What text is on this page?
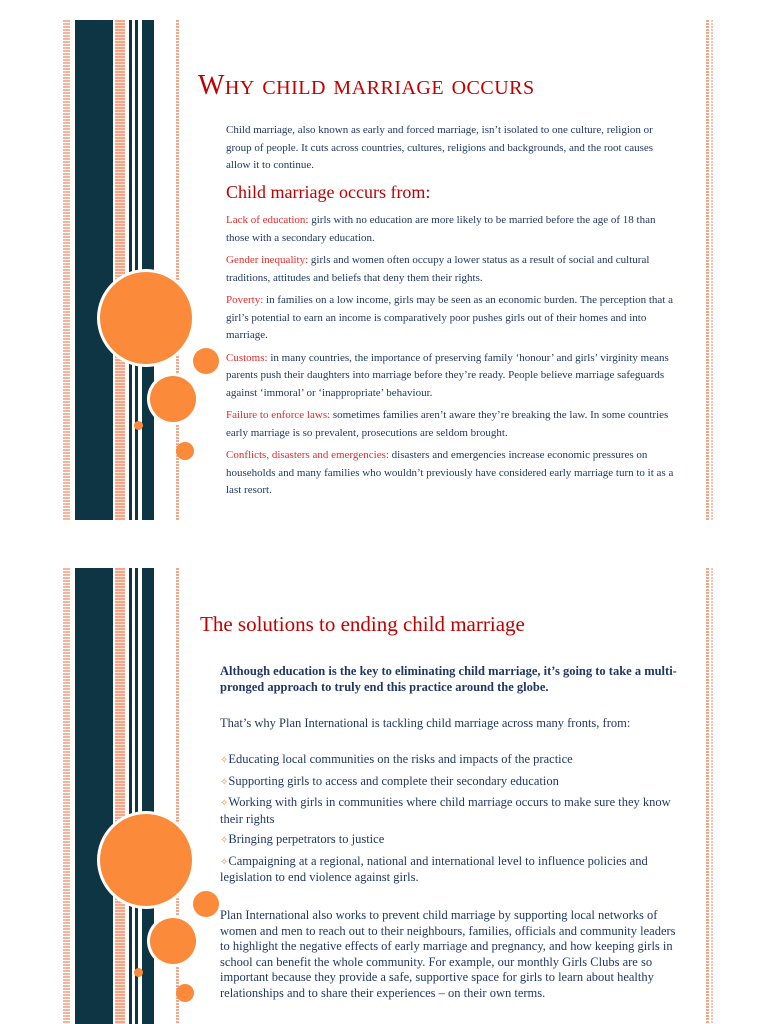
Why child marriage occurs

Child marriage, also known as early and forced marriage, isn’t isolated to one culture, religion or group of people. It cuts across countries, cultures, religions and backgrounds, and the root causes allow it to continue.

Child marriage occurs from:

Lack of education: girls with no education are more likely to be married before the age of 18 than those with a secondary education.

Gender inequality: girls and women often occupy a lower status as a result of social and cultural traditions, attitudes and beliefs that deny them their rights.

Poverty: in families on a low income, girls may be seen as an economic burden. The perception that a girl’s potential to earn an income is comparatively poor pushes girls out of their homes and into marriage.

Customs: in many countries, the importance of preserving family ‘honour’ and girls’ virginity means parents push their daughters into marriage before they’re ready. People believe marriage safeguards against ‘immoral’ or ‘inappropriate’ behaviour.

Failure to enforce laws: sometimes families aren’t aware they’re breaking the law. In some countries early marriage is so prevalent, prosecutions are seldom brought.

Conflicts, disasters and emergencies: disasters and emergencies increase economic pressures on households and many families who wouldn’t previously have considered early marriage turn to it as a last resort.

The solutions to ending child marriage

Although education is the key to eliminating child marriage, it’s going to take a multi-pronged approach to truly end this practice around the globe.

That’s why Plan International is tackling child marriage across many fronts, from:

✧Educating local communities on the risks and impacts of the practice

✧Supporting girls to access and complete their secondary education

✧Working with girls in communities where child marriage occurs to make sure they know their rights

✧Bringing perpetrators to justice

✧Campaigning at a regional, national and international level to influence policies and legislation to end violence against girls.

Plan International also works to prevent child marriage by supporting local networks of women and men to reach out to their neighbours, families, officials and community leaders to highlight the negative effects of early marriage and pregnancy, and how keeping girls in school can benefit the whole community. For example, our monthly Girls Clubs are so important because they provide a safe, supportive space for girls to learn about healthy relationships and to share their experiences – on their own terms.
